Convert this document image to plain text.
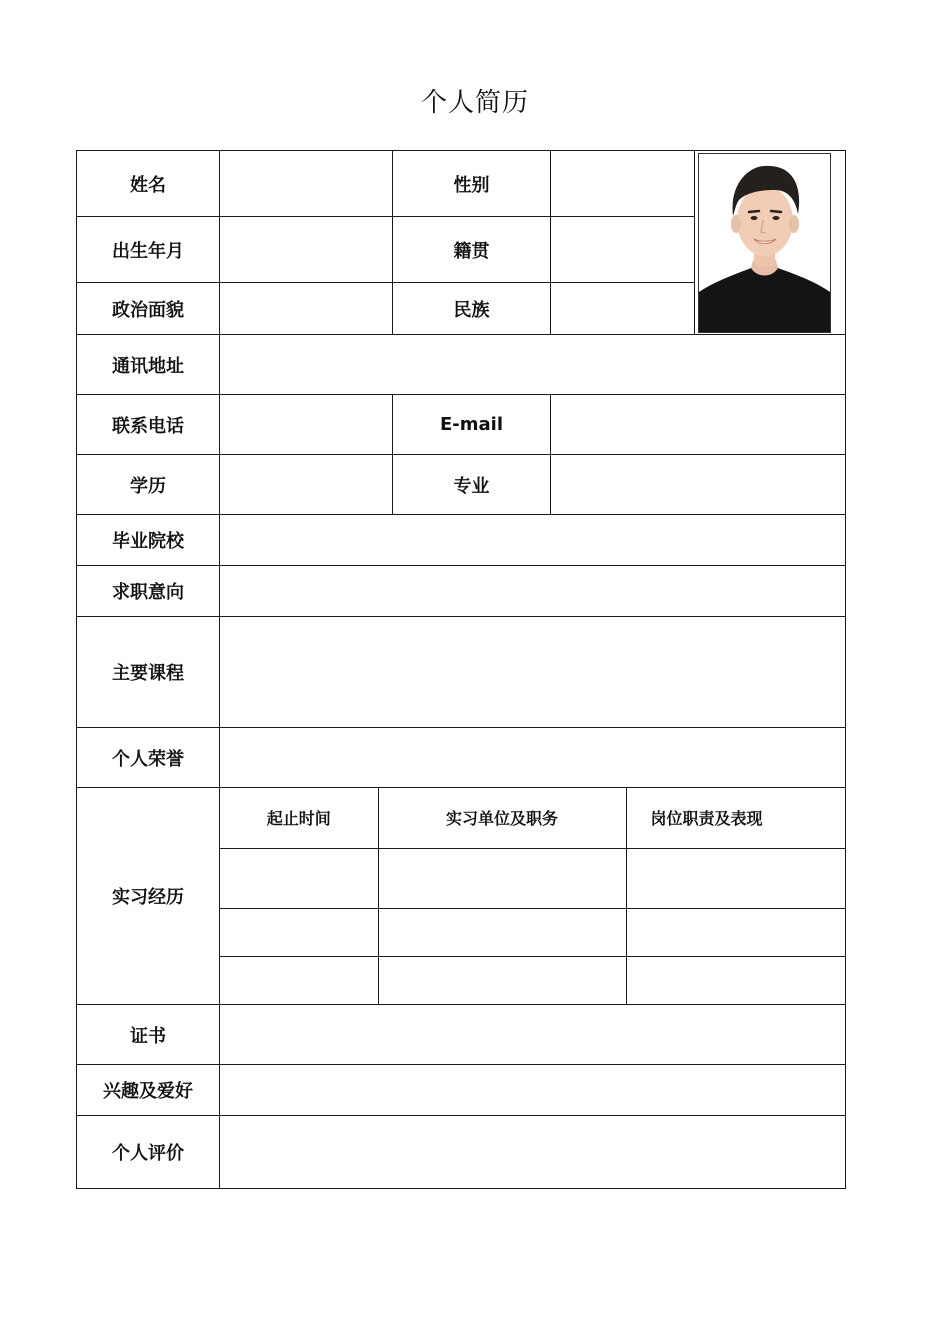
个人简历
姓名		性别		

出生年月		籍贯	
政治面貌		民族	
通讯地址	
联系电话		E-mail	
学历		专业	
毕业院校	
求职意向	
主要课程	
个人荣誉	
实习经历	
起止时间	实习单位及职务	岗位职责及表现

证书	
兴趣及爱好	
个人评价	
